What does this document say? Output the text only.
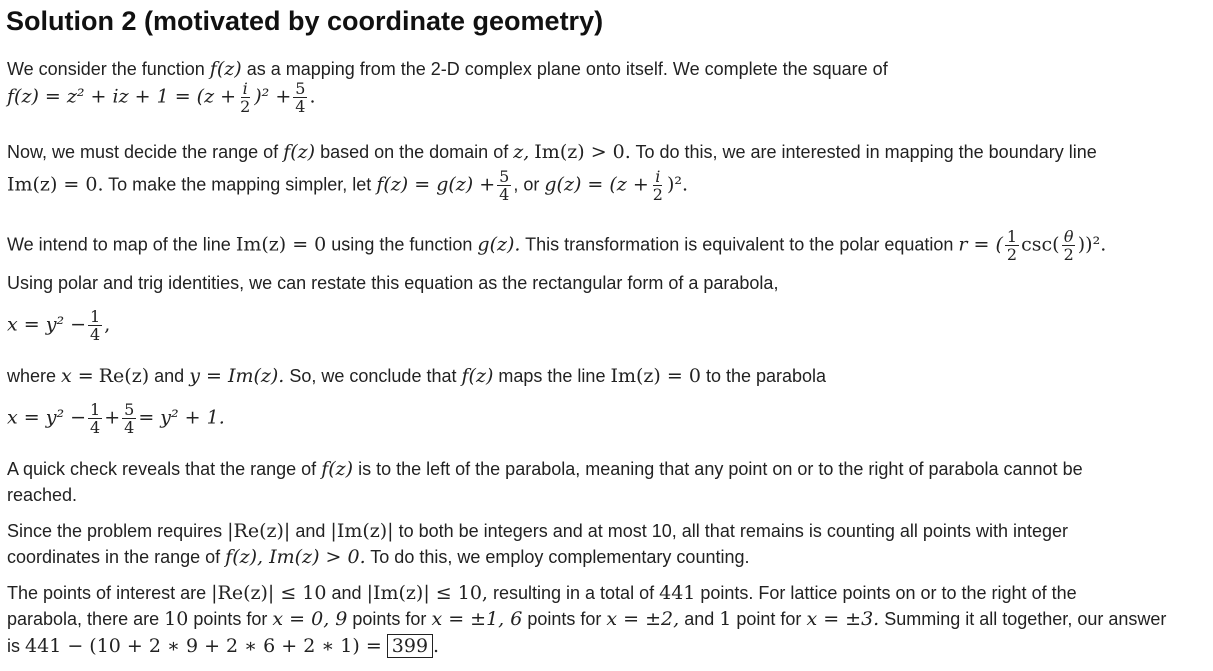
Solution 2 (motivated by coordinate geometry)
We consider the function f(z) as a mapping from the 2-D complex plane onto itself. We complete the square of
f(z) = z² + iz + $1 = (z + \frac{i}{2} )^2 + \frac{5}{4}$ .
Now, we must decide the range of f(z) based on the domain of z, Im(z) > 0. To do this, we are interested in mapping the boundary line
Im(z) = 0. To make the mapping simpler, let $f(z) = g(z) + \frac{5}{4}$ , or $g(z) = (z + \frac{i}{2} )^2$.
We intend to map of the line Im(z) = 0 using the function g(z). This transformation is equivalent to the polar equation r = ( $\frac{1}{2} \csc( \frac{\theta}{2} ))^2$.
Using polar and trig identities, we can restate this equation as the rectangular form of a parabola,
$x = y^2 - \frac{1}{4}$ ,
where x = Re(z) and y = Im(z). So, we conclude that f(z) maps the line Im(z) = 0 to the parabola
$x = y^2 - \frac{1}{4} + \frac{5}{4} = y^2 + 1$.
A quick check reveals that the range of f(z) is to the left of the parabola, meaning that any point on or to the right of parabola cannot be
reached.
Since the problem requires |Re(z)| and |Im(z)| to both be integers and at most 10, all that remains is counting all points with integer
coordinates in the range of f(z), Im(z) > 0. To do this, we employ complementary counting.
The points of interest are |Re(z)| ≤ 10 and |Im(z)| ≤ 10, resulting in a total of 441 points. For lattice points on or to the right of the
parabola, there are 10 points for x = 0, 9 points for x = ±1, 6 points for x = ±2, and 1 point for x = ±3. Summing it all together, our answer
is 441 − (10 + 2 ∗ 9 + 2 ∗ 6 + 2 ∗ 1) = 399 .
